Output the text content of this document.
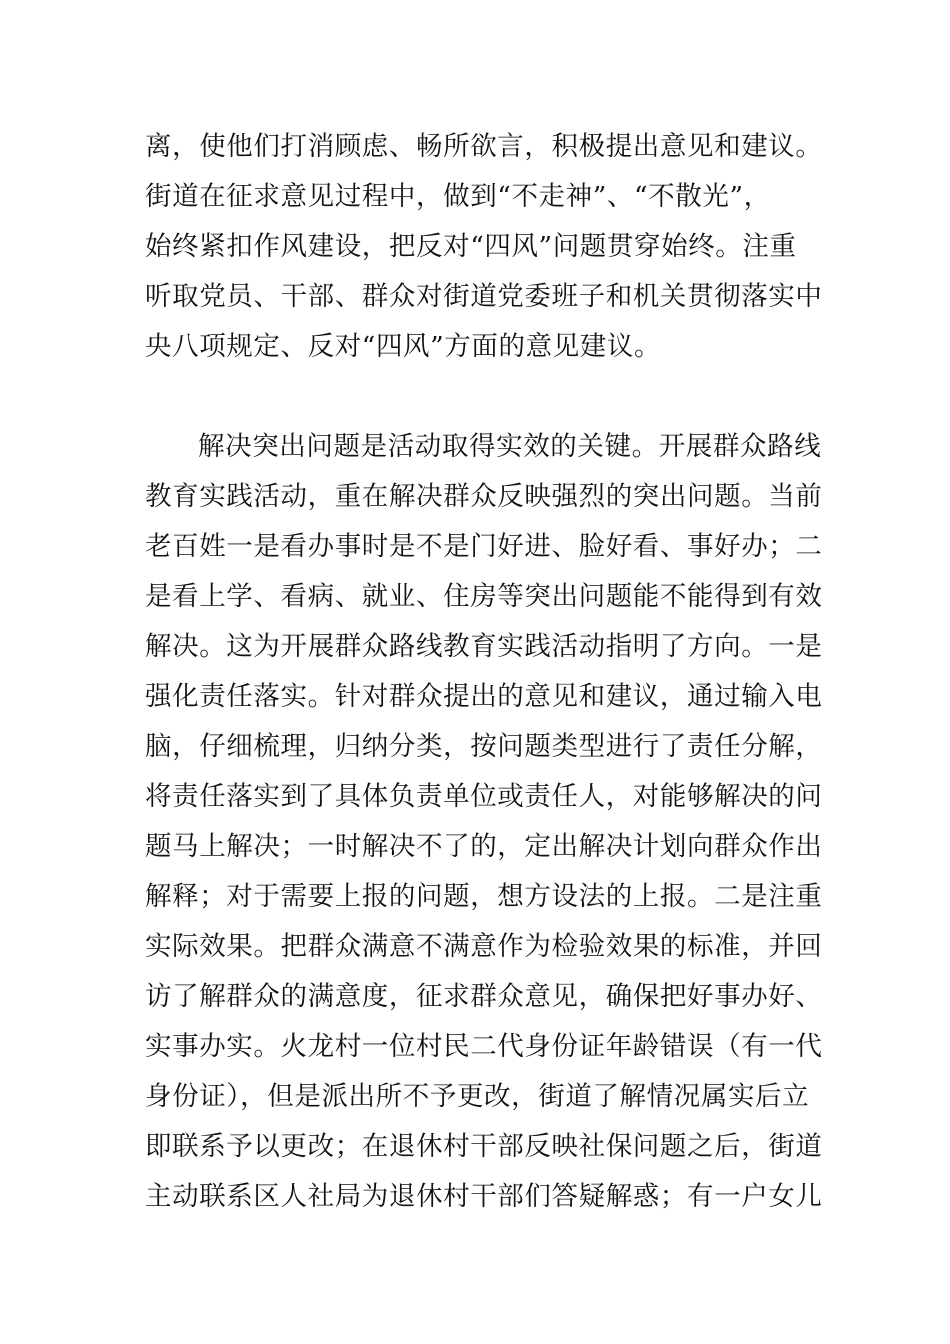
离，使他们打消顾虑、畅所欲言，积极提出意见和建议。
街道在征求意见过程中，做到“不走神”、“不散光”，
始终紧扣作风建设，把反对“四风”问题贯穿始终。注重
听取党员、干部、群众对街道党委班子和机关贯彻落实中
央八项规定、反对“四风”方面的意见建议。
解决突出问题是活动取得实效的关键。开展群众路线
教育实践活动，重在解决群众反映强烈的突出问题。当前
老百姓一是看办事时是不是门好进、脸好看、事好办；二
是看上学、看病、就业、住房等突出问题能不能得到有效
解决。这为开展群众路线教育实践活动指明了方向。一是
强化责任落实。针对群众提出的意见和建议，通过输入电
脑，仔细梳理，归纳分类，按问题类型进行了责任分解，
将责任落实到了具体负责单位或责任人，对能够解决的问
题马上解决；一时解决不了的，定出解决计划向群众作出
解释；对于需要上报的问题，想方设法的上报。二是注重
实际效果。把群众满意不满意作为检验效果的标准，并回
访了解群众的满意度，征求群众意见，确保把好事办好、
实事办实。火龙村一位村民二代身份证年龄错误（有一代
身份证），但是派出所不予更改，街道了解情况属实后立
即联系予以更改；在退休村干部反映社保问题之后，街道
主动联系区人社局为退休村干部们答疑解惑；有一户女儿
